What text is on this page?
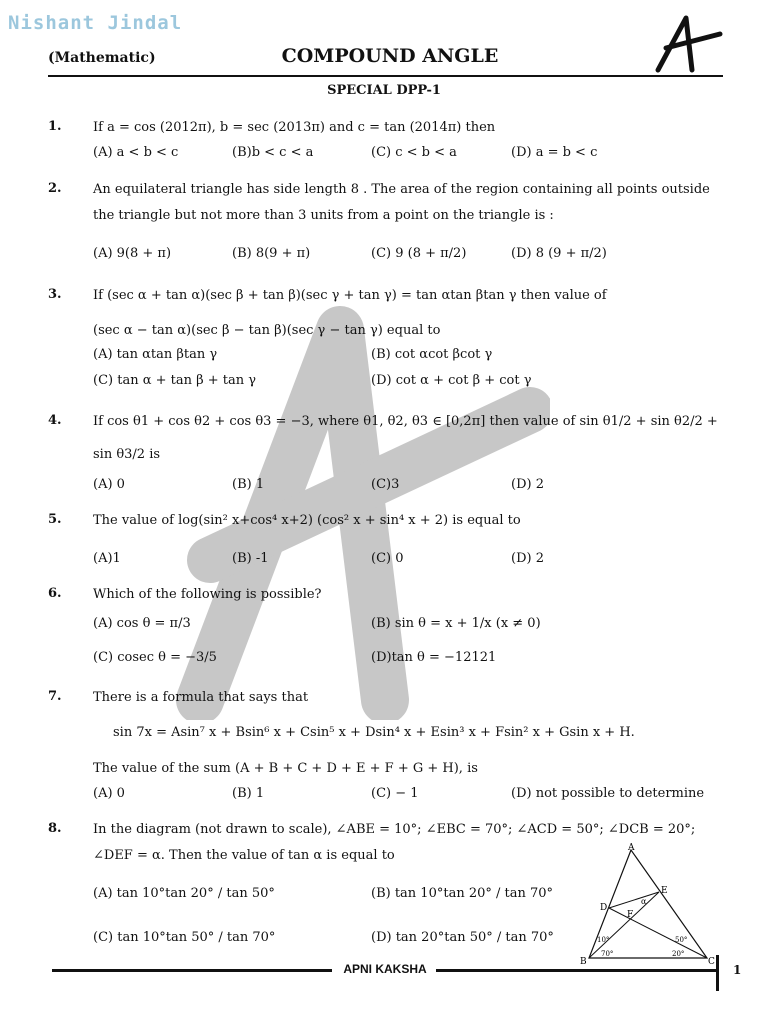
Nishant Jindal
(Mathematic)	COMPOUND ANGLE
SPECIAL DPP-1
1. If a = cos (2012π), b = sec (2013π) and c = tan (2014π) then
(A) a < b < c	(B)b < c < a	(C) c < b < a	(D) a = b < c
2. An equilateral triangle has side length 8 . The area of the region containing all points outside
the triangle but not more than 3 units from a point on the triangle is :
(A) 9(8 + π)	(B) 8(9 + π)	(C) 9 (8 + π/2)	(D) 8 (9 + π/2)
3. If (sec α + tan α)(sec β + tan β)(sec γ + tan γ) = tan αtan βtan γ then value of
(sec α − tan α)(sec β − tan β)(sec γ − tan γ) equal to
(A) tan αtan βtan γ	(B) cot αcot βcot γ
(C) tan α + tan β + tan γ	(D) cot α + cot β + cot γ
4. If cos θ1 + cos θ2 + cos θ3 = −3, where θ1, θ2, θ3 ∈ [0,2π] then value of sin θ1/2 + sin θ2/2 +
sin θ3/2 is
(A) 0	(B) 1	(C)3	(D) 2
5. The value of log(sin² x+cos⁴ x+2) (cos² x + sin⁴ x + 2) is equal to
(A)1	(B) -1	(C) 0	(D) 2
6. Which of the following is possible?
(A) cos θ = π/3	(B) sin θ = x + 1/x (x ≠ 0)
(C) cosec θ = −3/5	(D)tan θ = −12121
7. There is a formula that says that
sin 7x = Asin⁷ x + Bsin⁶ x + Csin⁵ x + Dsin⁴ x + Esin³ x + Fsin² x + Gsin x + H.
The value of the sum (A + B + C + D + E + F + G + H), is
(A) 0	(B) 1	(C) − 1	(D) not possible to determine
8. In the diagram (not drawn to scale), ∠ABE = 10°; ∠EBC = 70°; ∠ACD = 50°; ∠DCB = 20°;
∠DEF = α. Then the value of tan α is equal to
(A) tan 10°tan 20° / tan 50°	(B) tan 10°tan 20° / tan 70°
(C) tan 10°tan 50° / tan 70°	(D) tan 20°tan 50° / tan 70°
A
B	C
D
E
F
α
10°
70°
50°
20°
APNI KAKSHA	1
